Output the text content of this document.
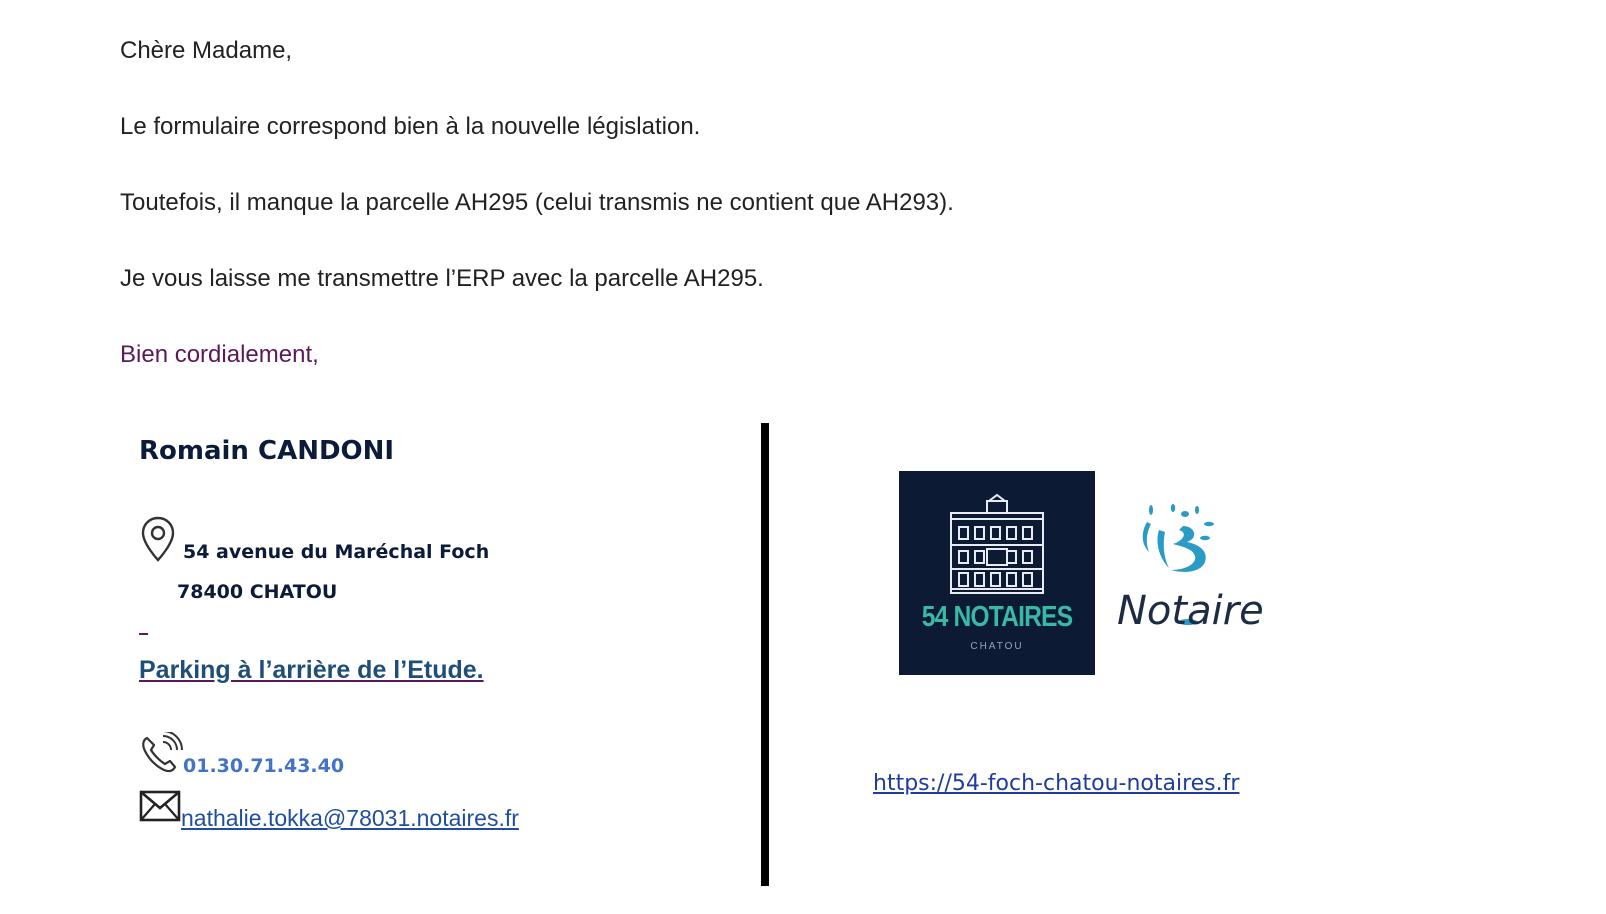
Chère Madame,

Le formulaire correspond bien à la nouvelle législation.

Toutefois, il manque la parcelle AH295 (celui transmis ne contient que AH293).

Je vous laisse me transmettre l’ERP avec la parcelle AH295.

Bien cordialement,

Romain CANDONI

54 avenue du Maréchal Foch
78400 CHATOU
Parking à l’arrière de l’Etude.
01.30.71.43.40
nathalie.tokka@78031.notaires.fr
54 NOTAIRES
CHATOU
Notaire
https://54-foch-chatou-notaires.fr
